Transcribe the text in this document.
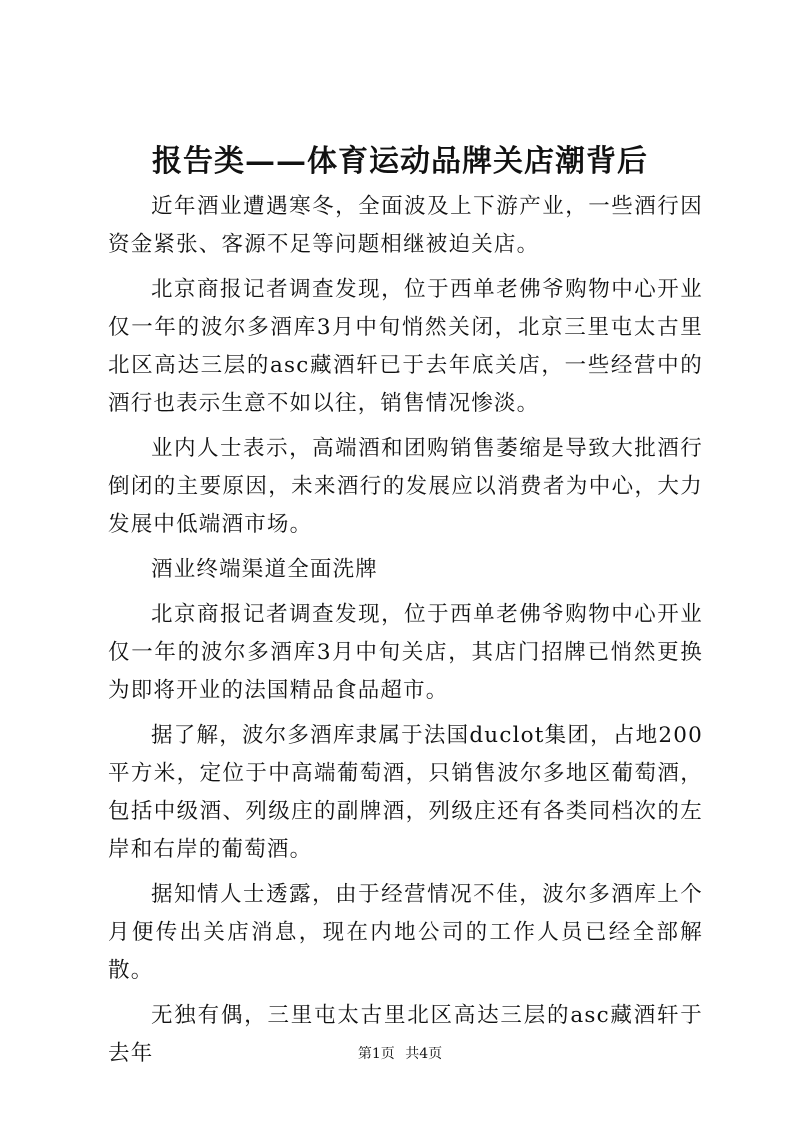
报告类——体育运动品牌关店潮背后

近年酒业遭遇寒冬，全面波及上下游产业，一些酒行因资金紧张、客源不足等问题相继被迫关店。

北京商报记者调查发现，位于西单老佛爷购物中心开业仅一年的波尔多酒库3月中旬悄然关闭，北京三里屯太古里北区高达三层的asc藏酒轩已于去年底关店，一些经营中的酒行也表示生意不如以往，销售情况惨淡。

业内人士表示，高端酒和团购销售萎缩是导致大批酒行倒闭的主要原因，未来酒行的发展应以消费者为中心，大力发展中低端酒市场。

酒业终端渠道全面洗牌

北京商报记者调查发现，位于西单老佛爷购物中心开业仅一年的波尔多酒库3月中旬关店，其店门招牌已悄然更换为即将开业的法国精品食品超市。

据了解，波尔多酒库隶属于法国duclot集团，占地200平方米，定位于中高端葡萄酒，只销售波尔多地区葡萄酒，包括中级酒、列级庄的副牌酒，列级庄还有各类同档次的左岸和右岸的葡萄酒。

据知情人士透露，由于经营情况不佳，波尔多酒库上个月便传出关店消息，现在内地公司的工作人员已经全部解散。

无独有偶，三里屯太古里北区高达三层的asc藏酒轩于去年	第1页 共4页
